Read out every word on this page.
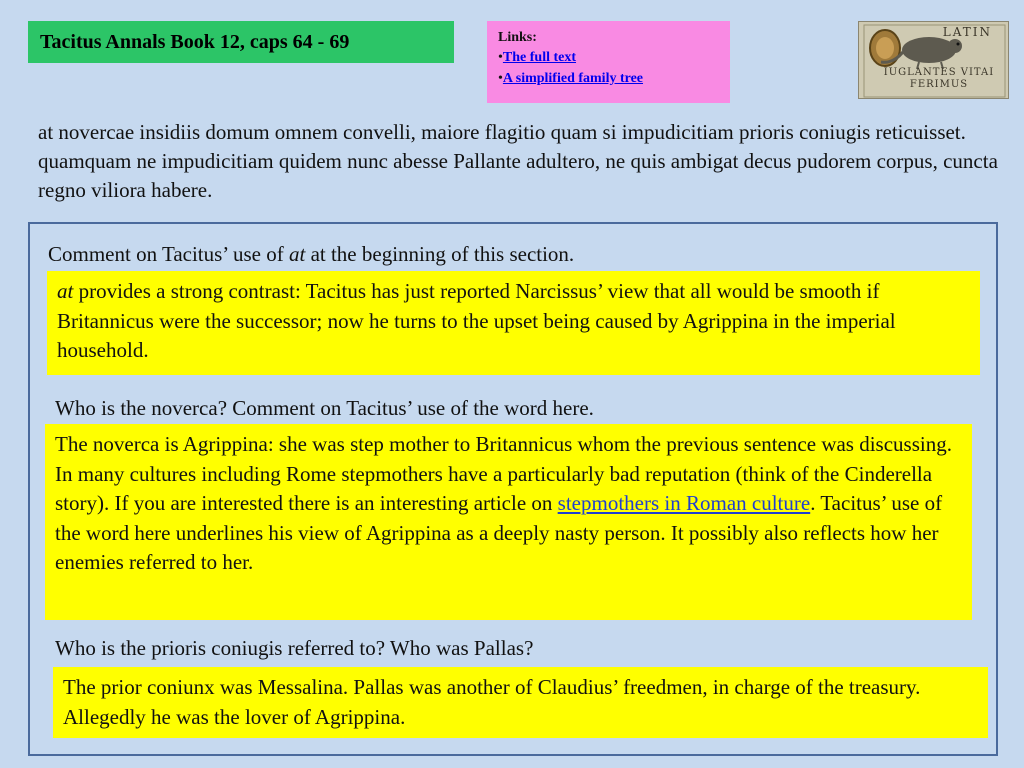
Tacitus Annals Book 12, caps 64 - 69	Links:
•The full text
•A simplified family tree
LATIN
IUGLANTES VITAI
FERIMUS
at novercae insidiis domum omnem convelli, maiore flagitio quam si impudicitiam prioris coniugis reticuisset. quamquam ne impudicitiam quidem nunc abesse Pallante adultero, ne quis ambigat decus pudorem corpus, cuncta regno viliora habere.
Comment on Tacitus’ use of at at the beginning of this section.
at provides a strong contrast: Tacitus has just reported Narcissus’ view that all would be smooth if Britannicus were the successor; now he turns to the upset being caused by Agrippina in the imperial household.
Who is the noverca? Comment on Tacitus’ use of the word here.
The noverca is Agrippina: she was step mother to Britannicus whom the previous sentence was discussing. In many cultures including Rome stepmothers have a particularly bad reputation (think of the Cinderella story). If you are interested there is an interesting article on stepmothers in Roman culture. Tacitus’ use of the word here underlines his view of Agrippina as a deeply nasty person. It possibly also reflects how her enemies referred to her.
Who is the prioris coniugis referred to? Who was Pallas?
The prior coniunx was Messalina. Pallas was another of Claudius’ freedmen, in charge of the treasury. Allegedly he was the lover of Agrippina.
